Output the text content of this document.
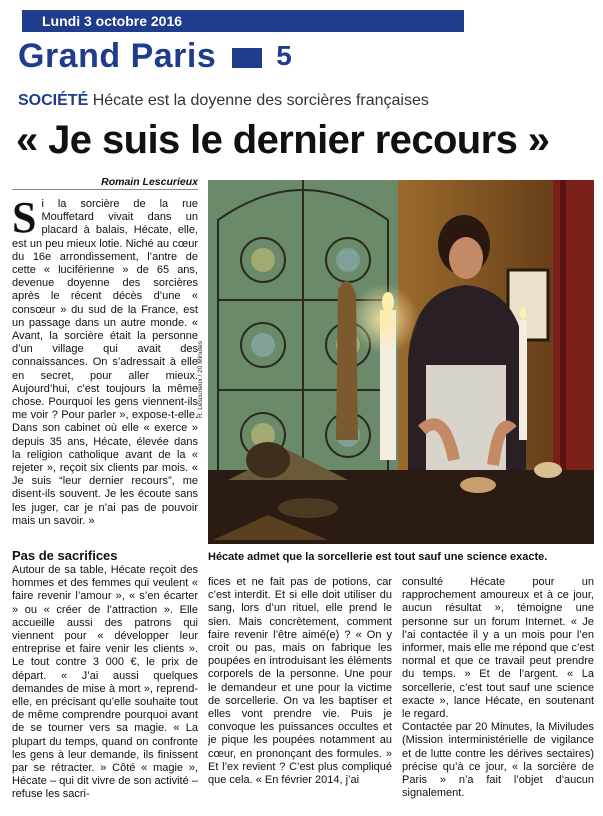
Lundi 3 octobre 2016
Grand Paris 5
SOCIÉTÉ Hécate est la doyenne des sorcières françaises
« Je suis le dernier recours »
Romain Lescurieux
S i la sorcière de la rue Mouffetard vivait dans un placard à balais, Hécate, elle, est un peu mieux lotie. Niché au cœur du 16e arrondissement, l’antre de cette « luciférienne » de 65 ans, devenue doyenne des sorcières après le récent décès d’une « consœur » du sud de la France, est un passage dans un autre monde. « Avant, la sorcière était la personne d’un village qui avait des connaissances. On s’adressait à elle en secret, pour aller mieux. Aujourd’hui, c’est toujours la même chose. Pourquoi les gens viennent-ils me voir ? Pour parler », expose-t-elle. Dans son cabinet où elle « exerce » depuis 35 ans, Hécate, élevée dans la religion catholique avant de la « rejeter », reçoit six clients par mois. « Je suis “leur dernier recours”, me disent-ils souvent. Je les écoute sans les juger, car je n’ai pas de pouvoir mais un savoir. »
Pas de sacrifices

Autour de sa table, Hécate reçoit des hommes et des femmes qui veulent « faire revenir l’amour », « s’en écarter » ou « créer de l’attraction ». Elle accueille aussi des patrons qui viennent pour « développer leur entreprise et faire venir les clients ». Le tout contre 3 000 €, le prix de départ. « J’ai aussi quelques demandes de mise à mort », reprend-elle, en précisant qu’elle souhaite tout de même comprendre pourquoi avant de se tourner vers sa magie. « La plupart du temps, quand on confronte les gens à leur demande, ils finissent par se rétracter. » Côté « magie », Hécate – qui dit vivre de son activité – refuse les sacri-

fices et ne fait pas de potions, car c’est interdit. Et si elle doit utiliser du sang, lors d’un rituel, elle prend le sien. Mais concrètement, comment faire revenir l’être aimé(e) ? « On y croit ou pas, mais on fabrique les poupées en introduisant les éléments corporels de la personne. Une pour le demandeur et une pour la victime de sorcellerie. On va les baptiser et elles vont prendre vie. Puis je convoque les puissances occultes et je pique les poupées notamment au cœur, en prononçant des formules. » Et l’ex revient ? C’est plus compliqué que cela. « En février 2014, j’ai

consulté Hécate pour un rapprochement amoureux et à ce jour, aucun résultat », témoigne une personne sur un forum Internet. « Je l’ai contactée il y a un mois pour l’en informer, mais elle me répond que c’est normal et que ce travail peut prendre du temps. » Et de l’argent. « La sorcellerie, c’est tout sauf une science exacte », lance Hécate, en soutenant le regard.

Contactée par 20 Minutes, la Miviludes (Mission interministérielle de vigilance et de lutte contre les dérives sectaires) précise qu’à ce jour, « la sorcière de Paris » n’a fait l’objet d’aucun signalement.

R. Lescurieux / 20 Minutes
Hécate admet que la sorcellerie est tout sauf une science exacte.
